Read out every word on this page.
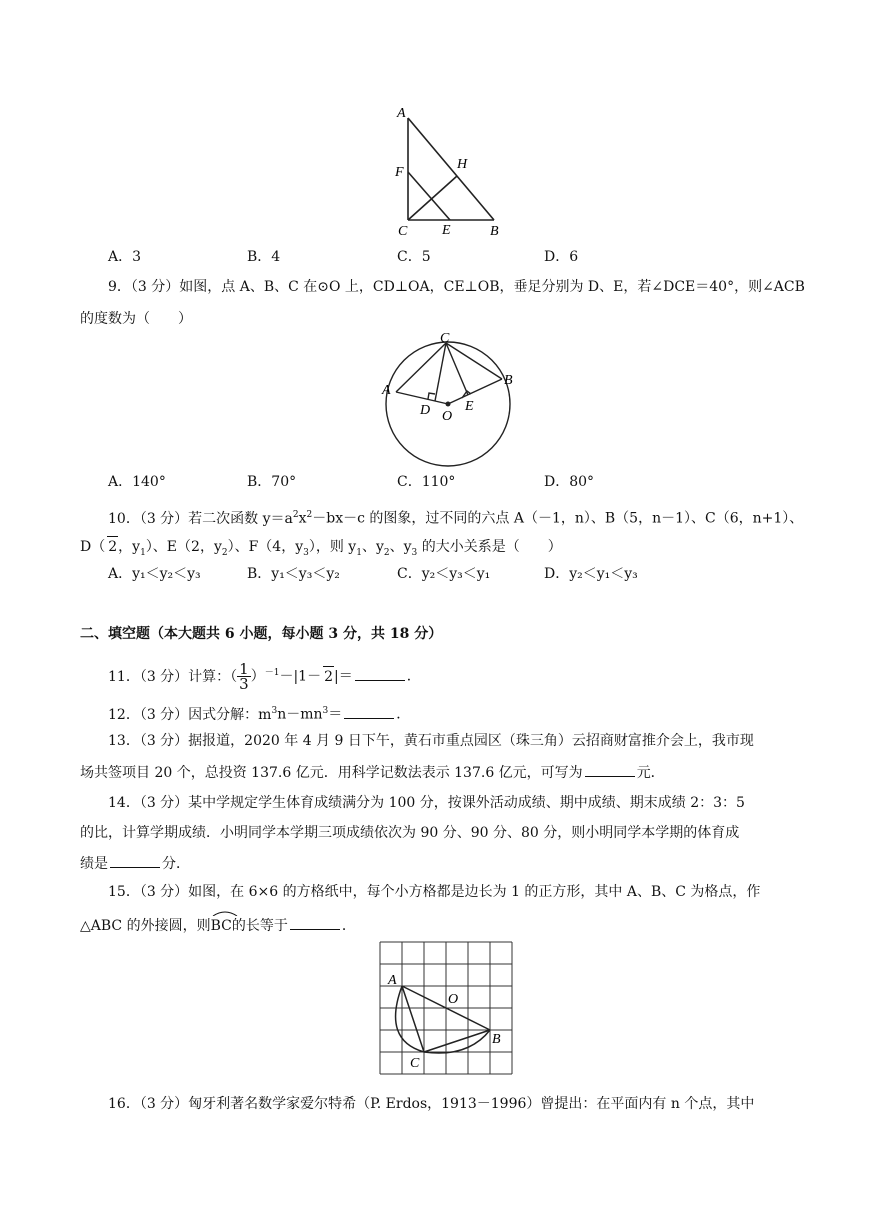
A
F
H
C E	B
A．3	B．4	C．5	D．6
9．（3 分）如图，点 A、B、C 在⊙O 上，CD⊥OA，CE⊥OB，垂足分别为 D、E，若∠DCE＝40°，则∠ACB
的度数为（　　）
C
A
B
D O
E
A．140°	B．70°	C．110°	D．80°
10．（3 分）若二次函数 $y=a^2x^2-bx-c$ 的图象，过不同的六点 A（－1，n）、B（5，n－1）、C（6，n+1）、
D（ 2，$y_1$）、E（2，$y_2$）、F（4，$y_3$），则 $y_1$、$y_2$、$y_3$ 的大小关系是（　　）
A．y₁＜y₂＜y₃	B．y₁＜y₃＜y₂	C．y₂＜y₃＜y₁	D．y₂＜y₁＜y₃
二、填空题（本大题共 6 小题，每小题 3 分，共 18 分）
11．（3 分）计算：（ $\frac{1}{3} )^{-1}-|1- 2|=$	．
12．（3 分）因式分解：$m^3n-mn^3=$	．
13．（3 分）据报道，2020 年 4 月 9 日下午，黄石市重点园区（珠三角）云招商财富推介会上，我市现
场共签项目 20 个，总投资 137.6 亿元．用科学记数法表示 137.6 亿元，可写为	元．
14．（3 分）某中学规定学生体育成绩满分为 100 分，按课外活动成绩、期中成绩、期末成绩 2：3：5
的比，计算学期成绩．小明同学本学期三项成绩依次为 90 分、90 分、80 分，则小明同学本学期的体育成
绩是	分．
15．（3 分）如图，在 6×6 的方格纸中，每个小方格都是边长为 1 的正方形，其中 A、B、C 为格点，作
△ABC 的外接圆，则
BC的长等于	．
A
O
B
C
16．（3 分）匈牙利著名数学家爱尔特希（P. Erdos，1913－1996）曾提出：在平面内有 n 个点，其中
